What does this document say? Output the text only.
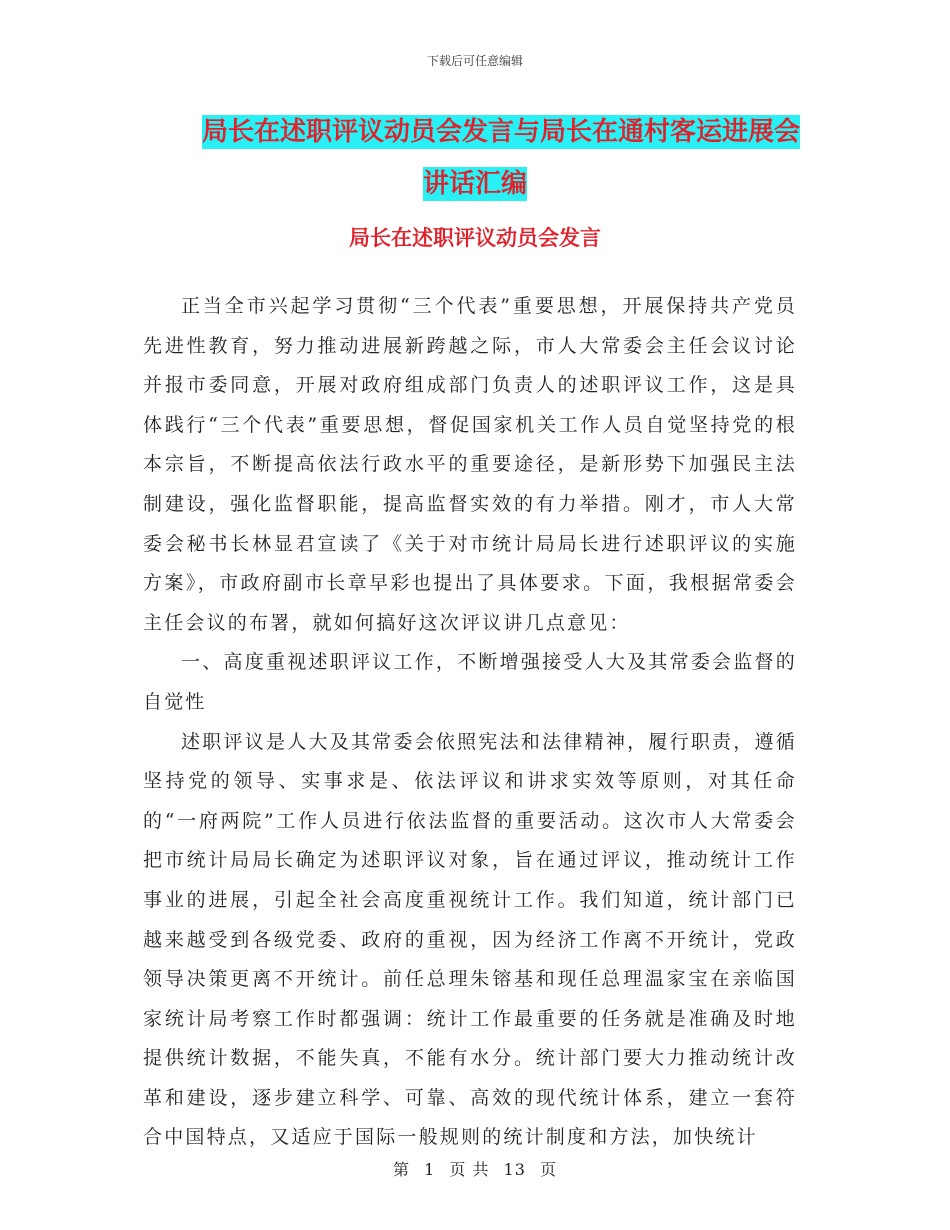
下载后可任意编辑
局长在述职评议动员会发言与局长在通村客运进展会
讲话汇编
局长在述职评议动员会发言

正当全市兴起学习贯彻“三个代表”重要思想，开展保持共产党员先进性教育，努力推动进展新跨越之际，市人大常委会主任会议讨论并报市委同意，开展对政府组成部门负责人的述职评议工作，这是具体践行“三个代表”重要思想，督促国家机关工作人员自觉坚持党的根本宗旨，不断提高依法行政水平的重要途径，是新形势下加强民主法制建设，强化监督职能，提高监督实效的有力举措。刚才，市人大常委会秘书长林显君宣读了《关于对市统计局局长进行述职评议的实施方案》，市政府副市长章早彩也提出了具体要求。下面，我根据常委会主任会议的布署，就如何搞好这次评议讲几点意见：

一、高度重视述职评议工作，不断增强接受人大及其常委会监督的自觉性

述职评议是人大及其常委会依照宪法和法律精神，履行职责，遵循坚持党的领导、实事求是、依法评议和讲求实效等原则，对其任命的“一府两院”工作人员进行依法监督的重要活动。这次市人大常委会把市统计局局长确定为述职评议对象，旨在通过评议，推动统计工作事业的进展，引起全社会高度重视统计工作。我们知道，统计部门已越来越受到各级党委、政府的重视，因为经济工作离不开统计，党政领导决策更离不开统计。前任总理朱镕基和现任总理温家宝在亲临国家统计局考察工作时都强调：统计工作最重要的任务就是准确及时地提供统计数据，不能失真，不能有水分。统计部门要大力推动统计改革和建设，逐步建立科学、可靠、高效的现代统计体系，建立一套符合中国特点，又适应于国际一般规则的统计制度和方法，加快统计

第 1 页 共 13 页
